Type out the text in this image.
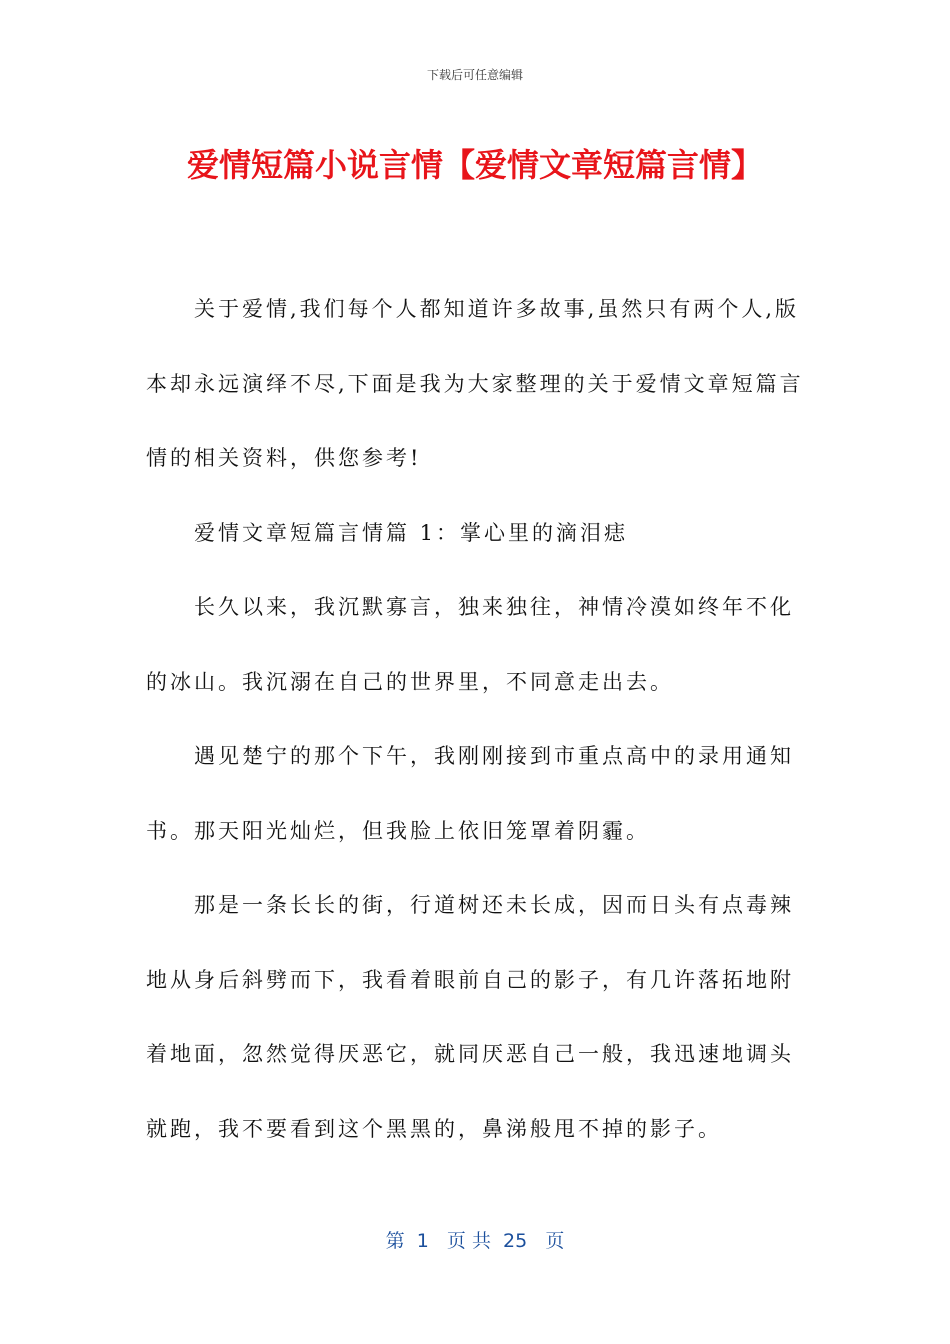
下载后可任意编辑
爱情短篇小说言情【爱情文章短篇言情】

关于爱情,我们每个人都知道许多故事,虽然只有两个人,版本却永远演绎不尽,下面是我为大家整理的关于爱情文章短篇言情的相关资料，供您参考!

爱情文章短篇言情篇 1：掌心里的滴泪痣

长久以来，我沉默寡言，独来独往，神情冷漠如终年不化的冰山。我沉溺在自己的世界里，不同意走出去。

遇见楚宁的那个下午，我刚刚接到市重点高中的录用通知书。那天阳光灿烂，但我脸上依旧笼罩着阴霾。

那是一条长长的街，行道树还未长成，因而日头有点毒辣地从身后斜劈而下，我看着眼前自己的影子，有几许落拓地附着地面，忽然觉得厌恶它，就同厌恶自己一般，我迅速地调头就跑，我不要看到这个黑黑的，鼻涕般甩不掉的影子。

第  1   页 共  25   页
